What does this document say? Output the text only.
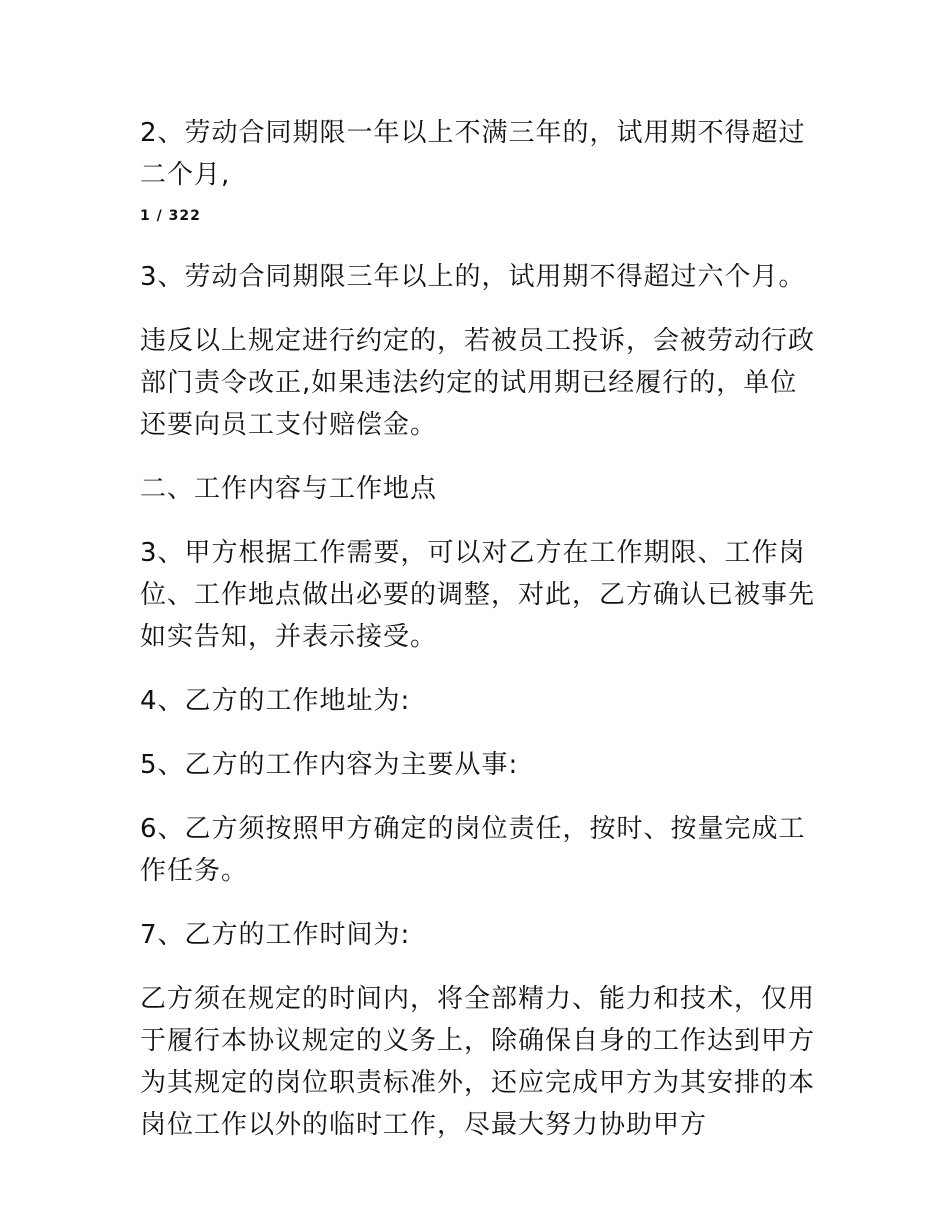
2、劳动合同期限一年以上不满三年的，试用期不得超过二个月,

1 / 322

3、劳动合同期限三年以上的，试用期不得超过六个月。

违反以上规定进行约定的，若被员工投诉，会被劳动行政部门责令改正,如果违法约定的试用期已经履行的，单位还要向员工支付赔偿金。

二、工作内容与工作地点

3、甲方根据工作需要，可以对乙方在工作期限、工作岗位、工作地点做出必要的调整，对此，乙方确认已被事先如实告知，并表示接受。

4、乙方的工作地址为:

5、乙方的工作内容为主要从事:

6、乙方须按照甲方确定的岗位责任，按时、按量完成工作任务。

7、乙方的工作时间为:

乙方须在规定的时间内，将全部精力、能力和技术，仅用于履行本协议规定的义务上，除确保自身的工作达到甲方为其规定的岗位职责标准外，还应完成甲方为其安排的本岗位工作以外的临时工作，尽最大努力协助甲方
